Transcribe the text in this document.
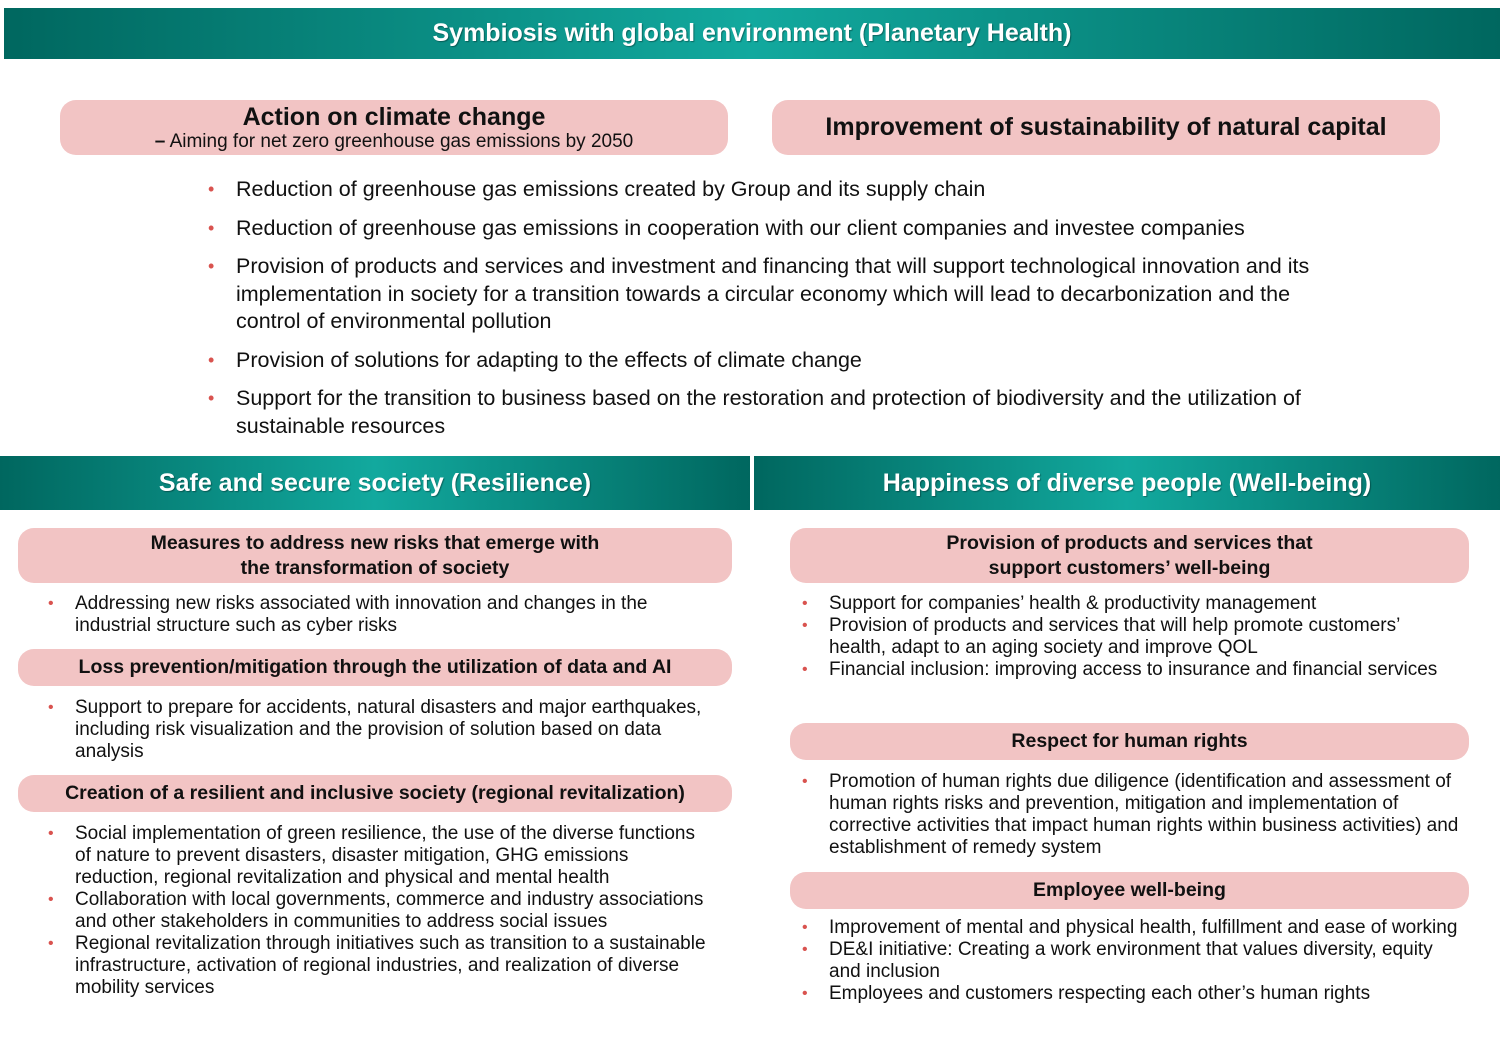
Symbiosis with global environment (Planetary Health)
Action on climate change
– Aiming for net zero greenhouse gas emissions by 2050	Improvement of sustainability of natural capital
• Reduction of greenhouse gas emissions created by Group and its supply chain
• Reduction of greenhouse gas emissions in cooperation with our client companies and investee companies
• Provision of products and services and investment and financing that will support technological innovation and its implementation in society for a transition towards a circular economy which will lead to decarbonization and the control of environmental pollution
• Provision of solutions for adapting to the effects of climate change
• Support for the transition to business based on the restoration and protection of biodiversity and the utilization of sustainable resources
Safe and secure society (Resilience)	Happiness of diverse people (Well-being)
Measures to address new risks that emerge with
the transformation of society
• Addressing new risks associated with innovation and changes in the industrial structure such as cyber risks
Loss prevention/mitigation through the utilization of data and AI
• Support to prepare for accidents, natural disasters and major earthquakes, including risk visualization and the provision of solution based on data analysis
Creation of a resilient and inclusive society (regional revitalization)
• Social implementation of green resilience, the use of the diverse functions of nature to prevent disasters, disaster mitigation, GHG emissions reduction, regional revitalization and physical and mental health
• Collaboration with local governments, commerce and industry associations and other stakeholders in communities to address social issues
• Regional revitalization through initiatives such as transition to a sustainable infrastructure, activation of regional industries, and realization of diverse mobility services
Provision of products and services that
support customers’ well-being
• Support for companies’ health & productivity management
• Provision of products and services that will help promote customers’ health, adapt to an aging society and improve QOL
• Financial inclusion: improving access to insurance and financial services
Respect for human rights
• Promotion of human rights due diligence (identification and assessment of human rights risks and prevention, mitigation and implementation of corrective activities that impact human rights within business activities) and establishment of remedy system
Employee well-being
• Improvement of mental and physical health, fulfillment and ease of working
• DE&I initiative: Creating a work environment that values diversity, equity and inclusion
• Employees and customers respecting each other’s human rights
